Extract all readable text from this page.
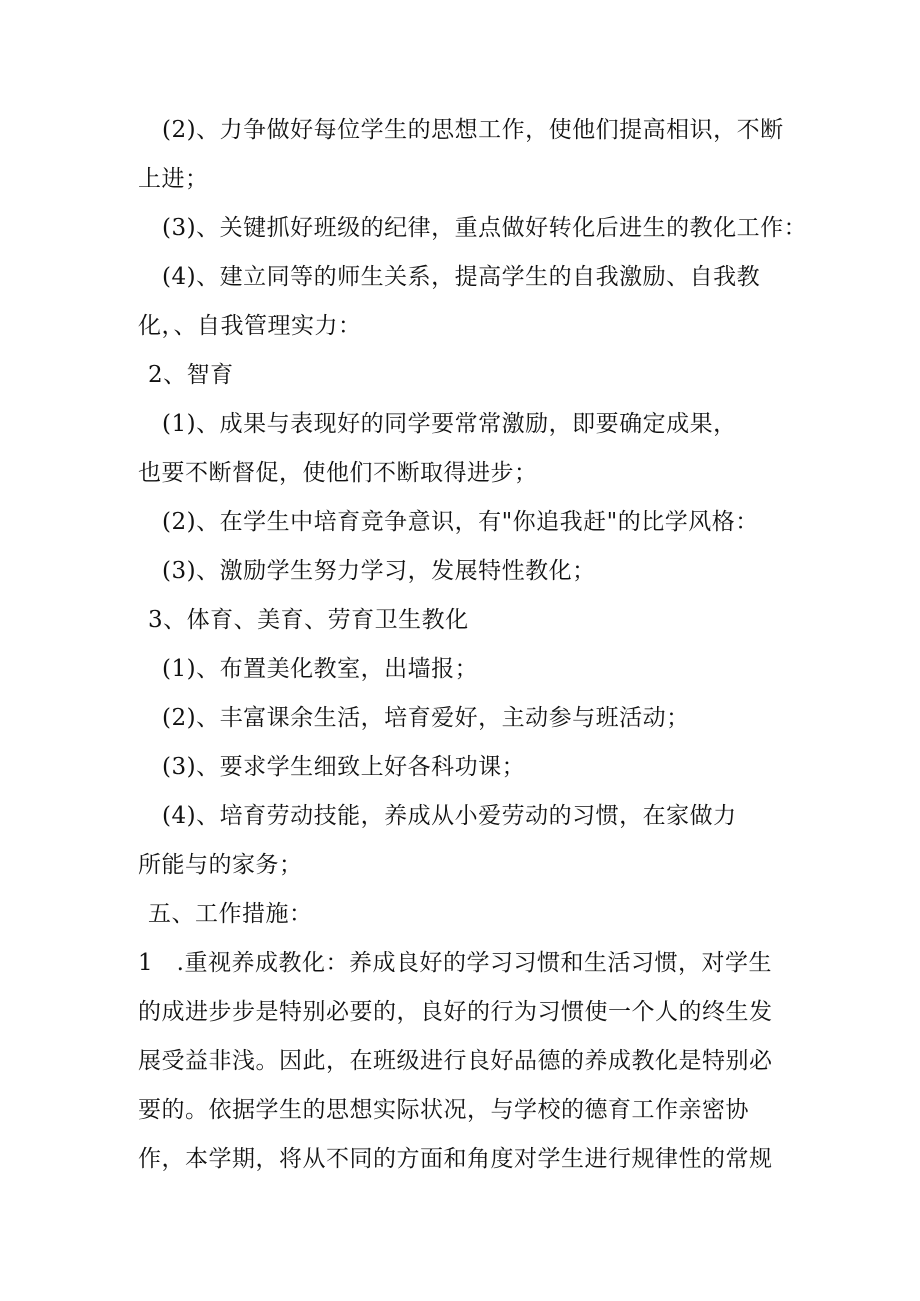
(2)、力争做好每位学生的思想工作，使他们提高相识，不断
上进；
(3)、关键抓好班级的纪律，重点做好转化后进生的教化工作：
(4)、建立同等的师生关系，提高学生的自我激励、自我教
化，、自我管理实力：
2、智育
(1)、成果与表现好的同学要常常激励，即要确定成果，
也要不断督促，使他们不断取得进步；
(2)、在学生中培育竞争意识，有"你追我赶"的比学风格：
(3)、激励学生努力学习，发展特性教化；
3、体育、美育、劳育卫生教化
(1)、布置美化教室，出墙报；
(2)、丰富课余生活，培育爱好，主动参与班活动；
(3)、要求学生细致上好各科功课；
(4)、培育劳动技能，养成从小爱劳动的习惯，在家做力
所能与的家务；
五、工作措施：
1　.重视养成教化：养成良好的学习习惯和生活习惯，对学生
的成进步步是特别必要的，良好的行为习惯使一个人的终生发
展受益非浅。因此，在班级进行良好品德的养成教化是特别必
要的。依据学生的思想实际状况，与学校的德育工作亲密协
作，本学期，将从不同的方面和角度对学生进行规律性的常规
